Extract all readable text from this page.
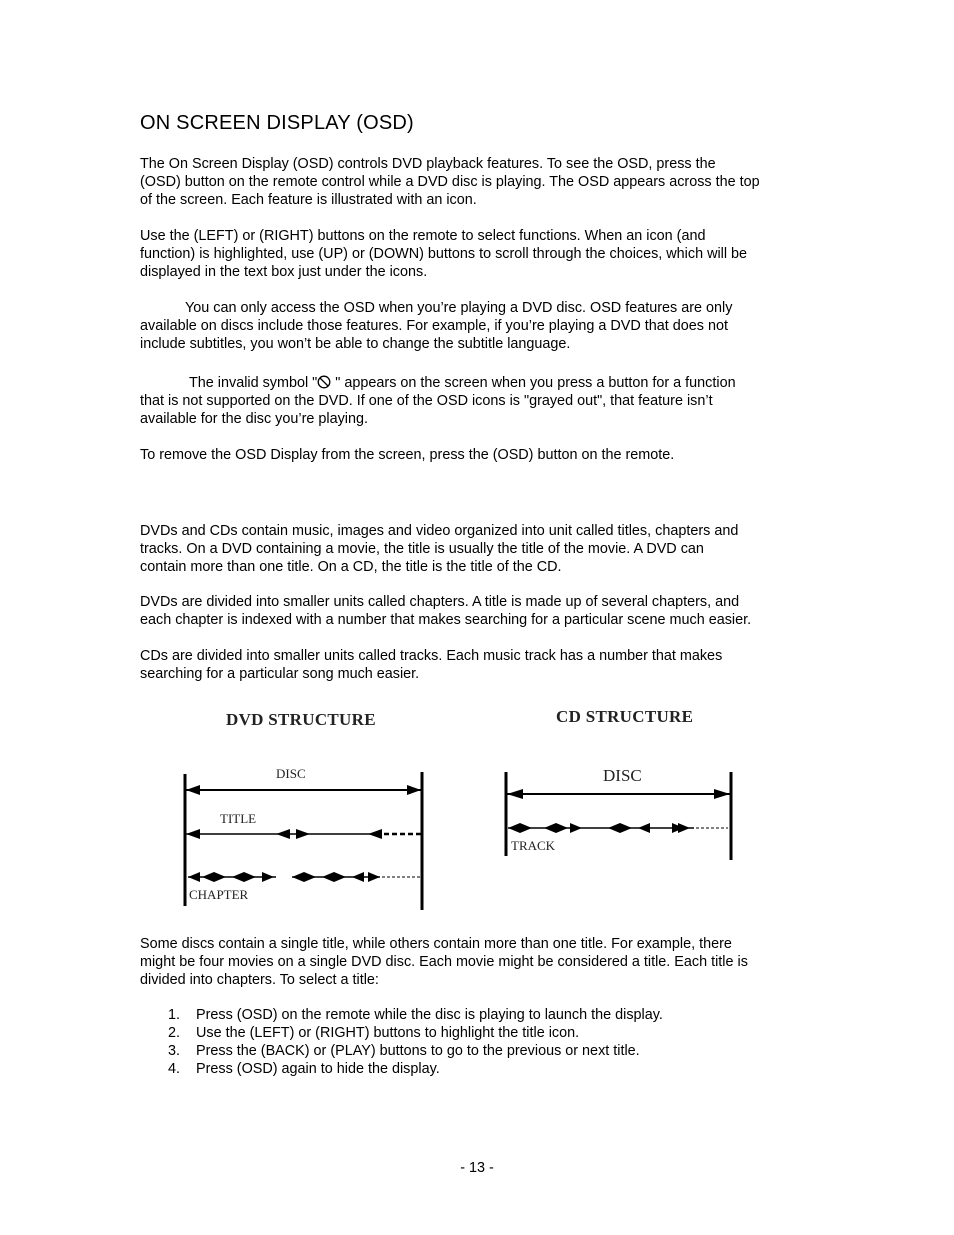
ON SCREEN DISPLAY (OSD)

The On Screen Display (OSD) controls DVD playback features. To see the OSD, press the
(OSD) button on the remote control while a DVD disc is playing. The OSD appears across the top
of the screen. Each feature is illustrated with an icon.

Use the (LEFT) or (RIGHT) buttons on the remote to select functions. When an icon (and
function) is highlighted, use (UP) or (DOWN) buttons to scroll through the choices, which will be
displayed in the text box just under the icons.

You can only access the OSD when you’re playing a DVD disc. OSD features are only
available on discs include those features. For example, if you’re playing a DVD that does not
include subtitles, you won’t be able to change the subtitle language.

The invalid symbol " " appears on the screen when you press a button for a function
that is not supported on the DVD. If one of the OSD icons is "grayed out", that feature isn’t
available for the disc you’re playing.

To remove the OSD Display from the screen, press the (OSD) button on the remote.

DVDs and CDs contain music, images and video organized into unit called titles, chapters and
tracks. On a DVD containing a movie, the title is usually the title of the movie. A DVD can
contain more than one title. On a CD, the title is the title of the CD.

DVDs are divided into smaller units called chapters. A title is made up of several chapters, and
each chapter is indexed with a number that makes searching for a particular scene much easier.

CDs are divided into smaller units called tracks. Each music track has a number that makes
searching for a particular song much easier.

DVD STRUCTURE
DISC
TITLE
CHAPTER
CD STRUCTURE
DISC
TRACK

Some discs contain a single title, while others contain more than one title. For example, there
might be four movies on a single DVD disc. Each movie might be considered a title. Each title is
divided into chapters. To select a title:

1. Press (OSD) on the remote while the disc is playing to launch the display.
2. Use the (LEFT) or (RIGHT) buttons to highlight the title icon.
3. Press the (BACK) or (PLAY) buttons to go to the previous or next title.
4. Press (OSD) again to hide the display.
- 13 -
